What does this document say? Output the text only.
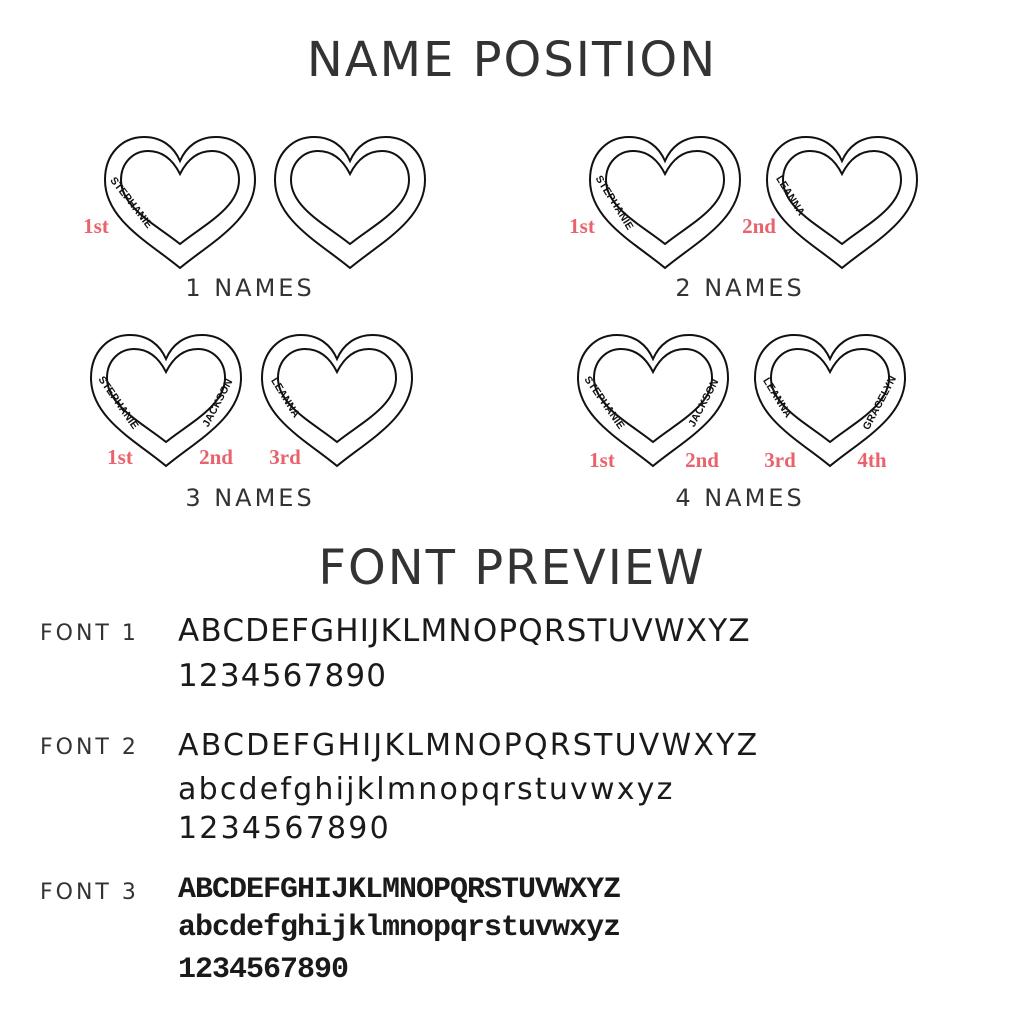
NAME POSITION
FONT PREVIEW
STEPHANIE	STEPHANIE	LEANNA
STEPHANIE	JACKSON	LEANNA	STEPHANIE	JACKSON	LEANNA	GRACELYN
1st	1st	2nd
1st	2nd 3rd	1st	2nd 3rd	4th
1 NAMES	2 NAMES
3 NAMES	4 NAMES
FONT 1 ABCDEFGHIJKLMNOPQRSTUVWXYZ
1234567890
FONT 2 ABCDEFGHIJKLMNOPQRSTUVWXYZ
abcdefghijklmnopqrstuvwxyz
1234567890
FONT 3 ABCDEFGHIJKLMNOPQRSTUVWXYZ
abcdefghijklmnopqrstuvwxyz
1234567890
